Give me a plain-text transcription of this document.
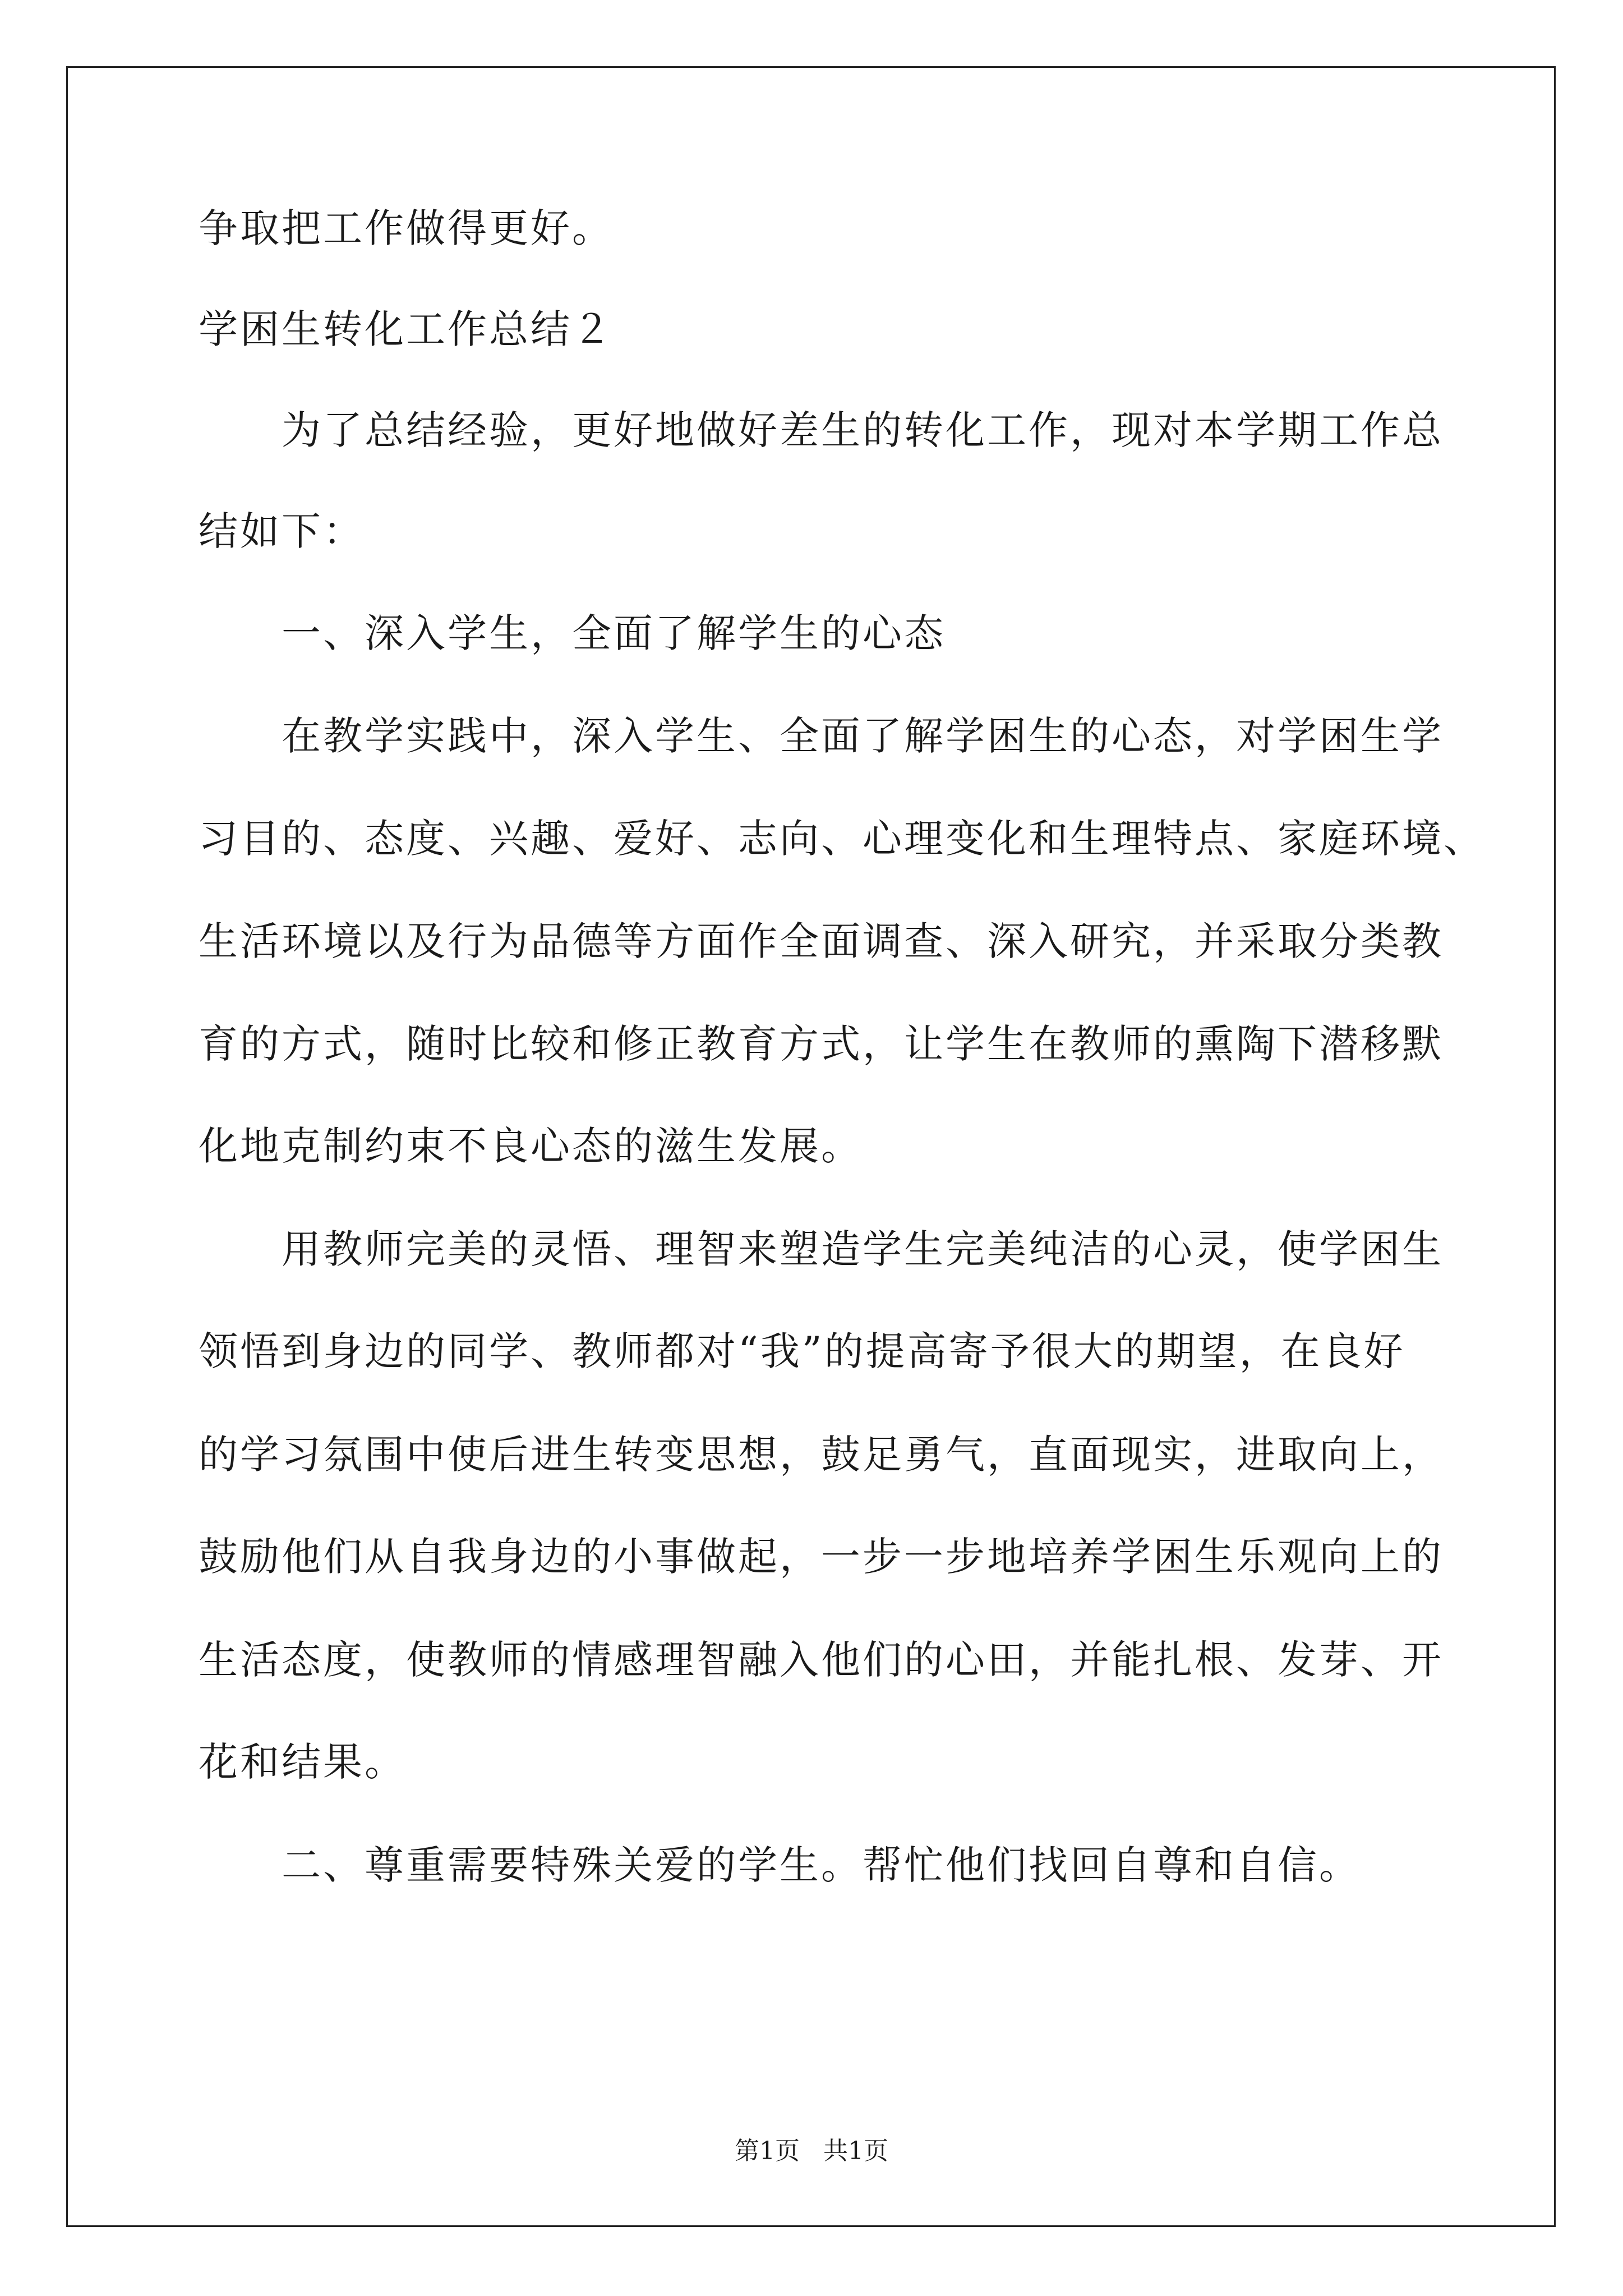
争取把工作做得更好。
学困生转化工作总结２
为了总结经验，更好地做好差生的转化工作，现对本学期工作总
结如下：
一、深入学生，全面了解学生的心态
在教学实践中，深入学生、全面了解学困生的心态，对学困生学
习目的、态度、兴趣、爱好、志向、心理变化和生理特点、家庭环境、
生活环境以及行为品德等方面作全面调查、深入研究，并采取分类教
育的方式，随时比较和修正教育方式，让学生在教师的熏陶下潜移默
化地克制约束不良心态的滋生发展。
用教师完美的灵悟、理智来塑造学生完美纯洁的心灵，使学困生
领悟到身边的同学、教师都对“我”的提高寄予很大的期望，在良好
的学习氛围中使后进生转变思想，鼓足勇气，直面现实，进取向上，
鼓励他们从自我身边的小事做起，一步一步地培养学困生乐观向上的
生活态度，使教师的情感理智融入他们的心田，并能扎根、发芽、开
花和结果。
二、尊重需要特殊关爱的学生。帮忙他们找回自尊和自信。
第1页   共1页
